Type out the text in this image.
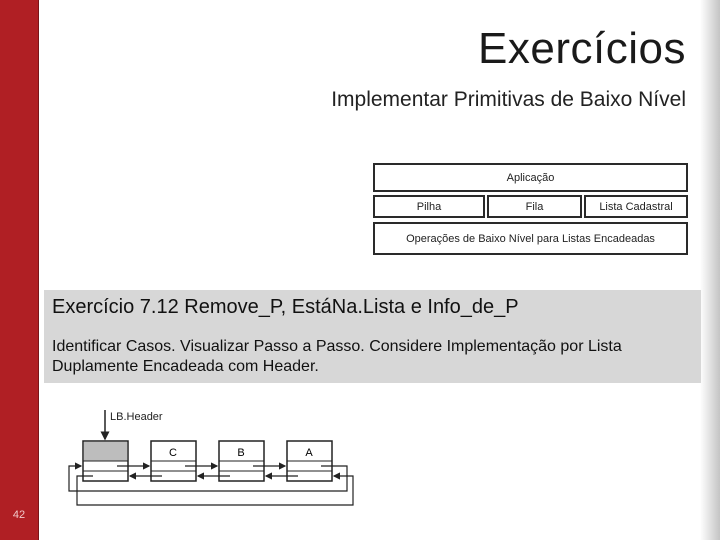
42
Exercícios
Implementar Primitivas de Baixo Nível
Aplicação
Pilha	Fila	Lista Cadastral
Operações de Baixo Nível para Listas Encadeadas
Exercício 7.12 Remove_P, EstáNa.Lista e Info_de_P
Identificar Casos. Visualizar Passo a Passo. Considere Implementação por Lista Duplamente Encadeada com Header.
LB.Header
C	B	A
